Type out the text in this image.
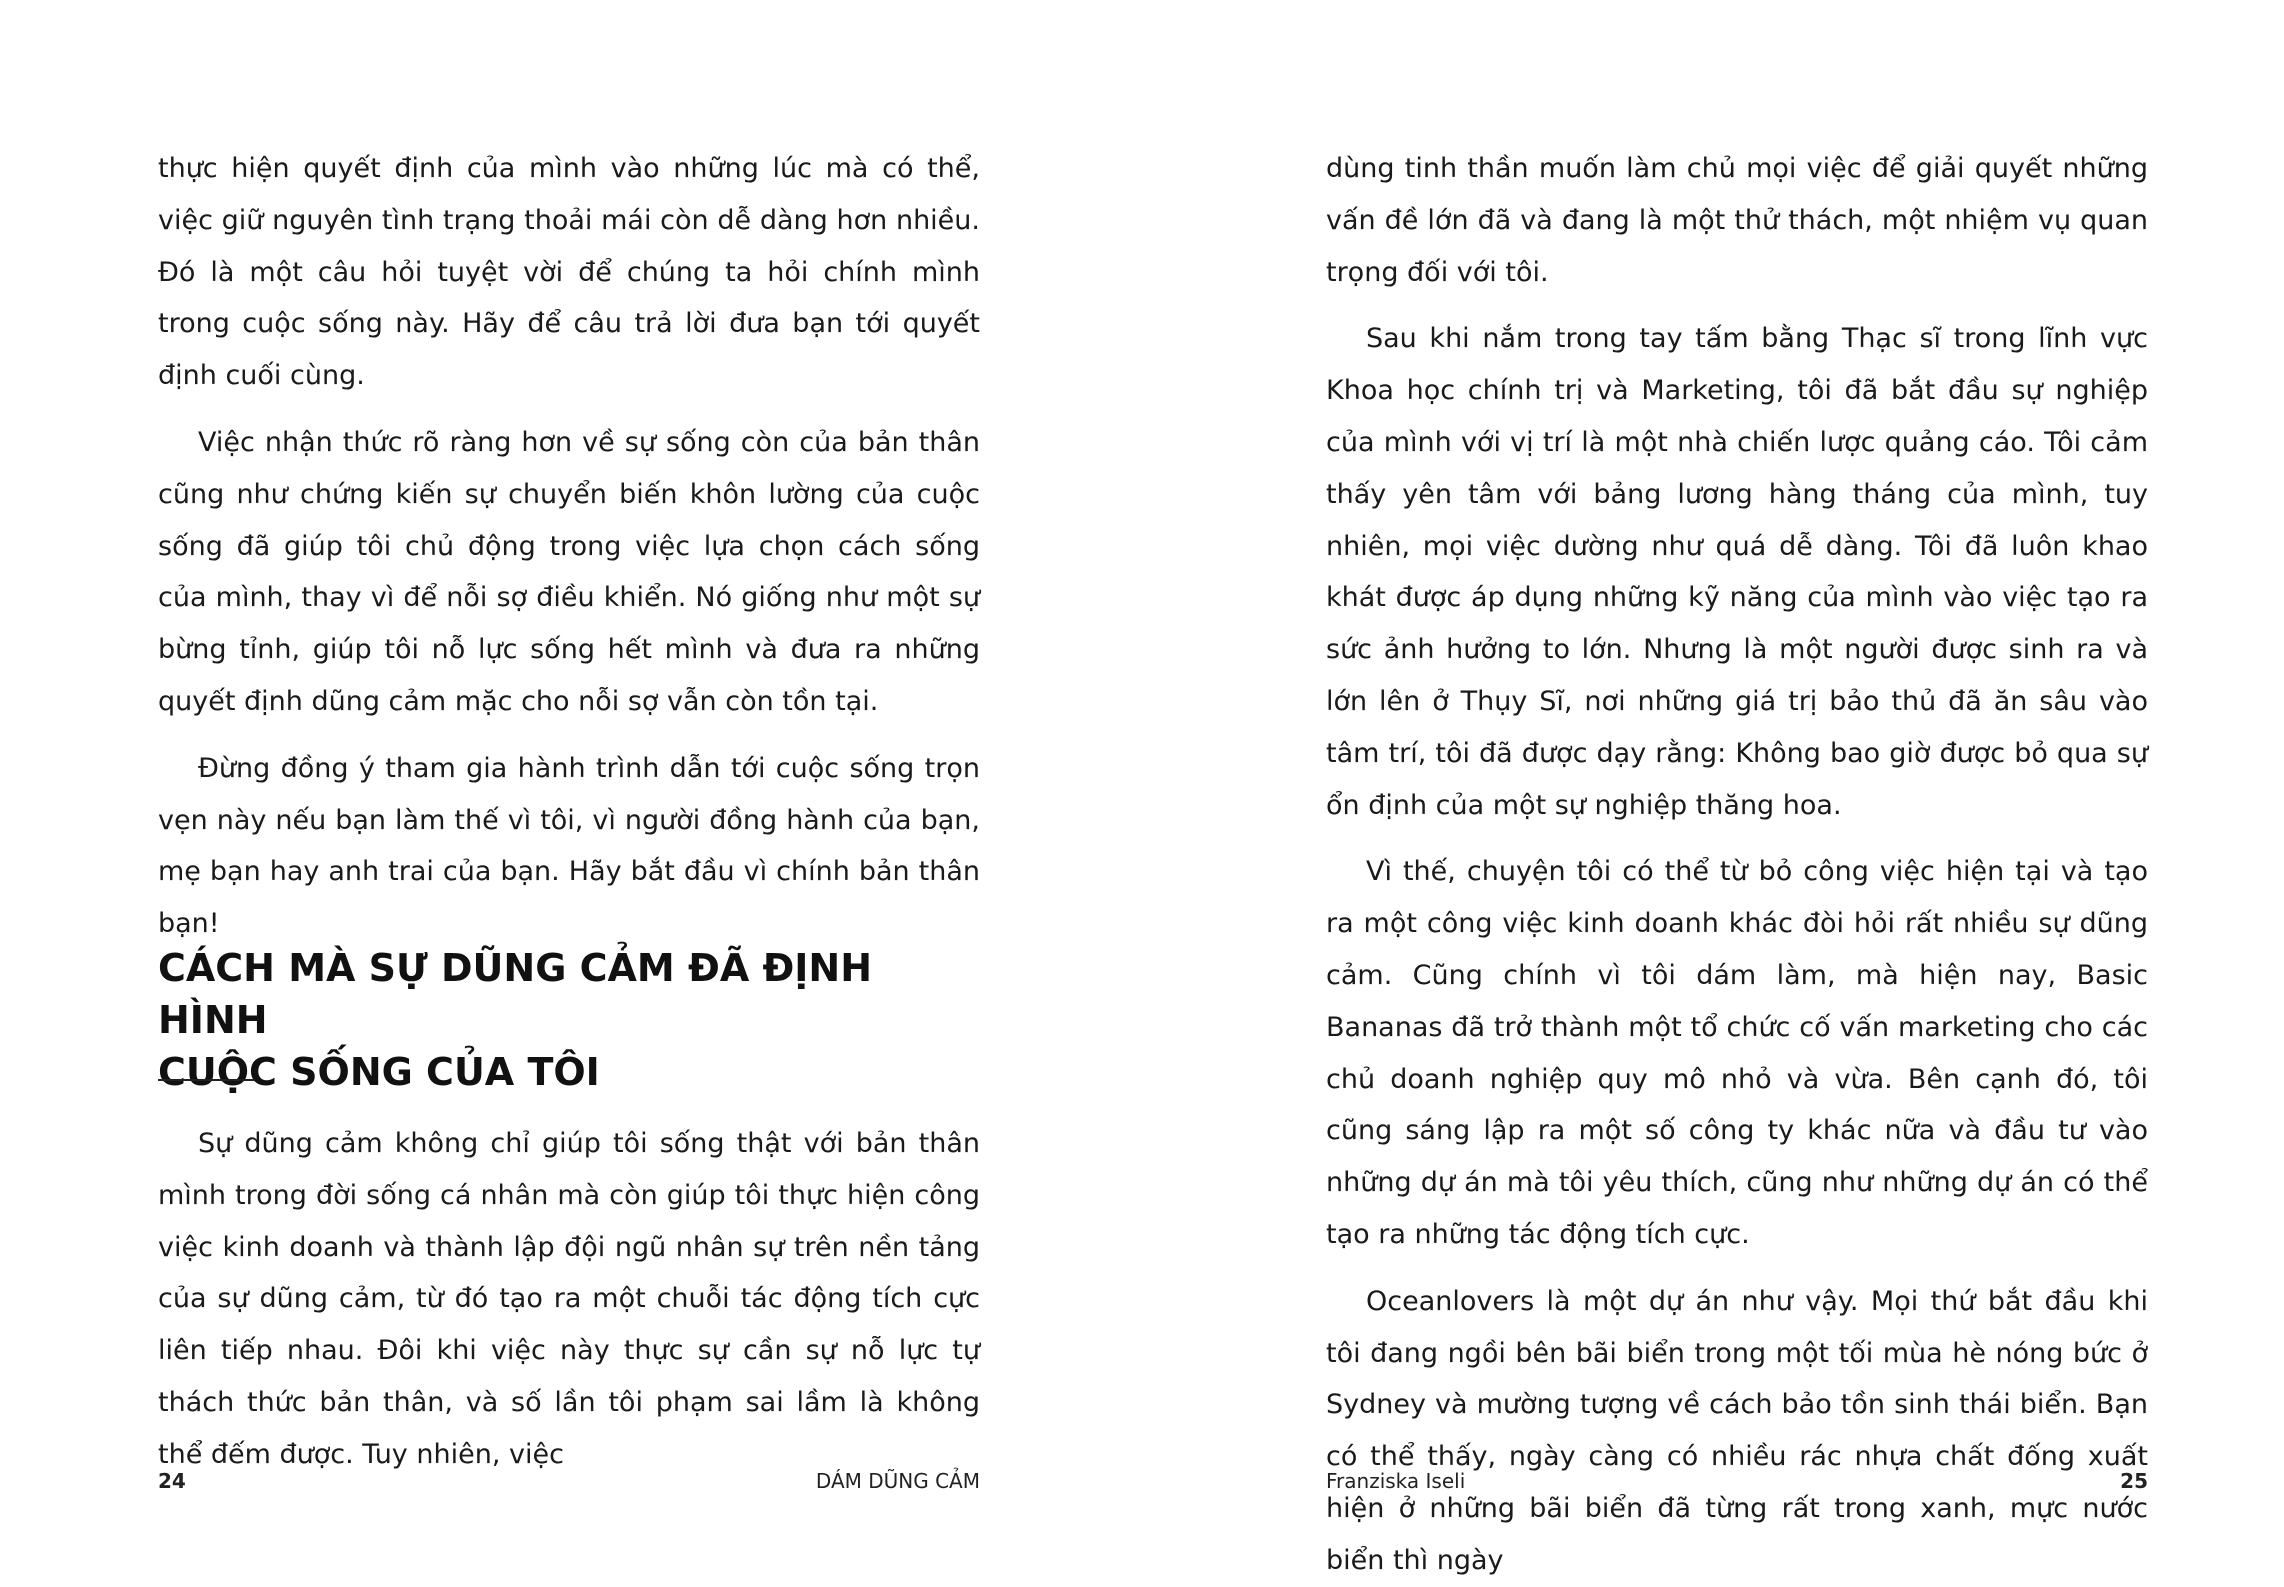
thực hiện quyết định của mình vào những lúc mà có thể, việc giữ nguyên tình trạng thoải mái còn dễ dàng hơn nhiều. Đó là một câu hỏi tuyệt vời để chúng ta hỏi chính mình trong cuộc sống này. Hãy để câu trả lời đưa bạn tới quyết định cuối cùng.

Việc nhận thức rõ ràng hơn về sự sống còn của bản thân cũng như chứng kiến sự chuyển biến khôn lường của cuộc sống đã giúp tôi chủ động trong việc lựa chọn cách sống của mình, thay vì để nỗi sợ điều khiển. Nó giống như một sự bừng tỉnh, giúp tôi nỗ lực sống hết mình và đưa ra những quyết định dũng cảm mặc cho nỗi sợ vẫn còn tồn tại.

Đừng đồng ý tham gia hành trình dẫn tới cuộc sống trọn vẹn này nếu bạn làm thế vì tôi, vì người đồng hành của bạn, mẹ bạn hay anh trai của bạn. Hãy bắt đầu vì chính bản thân bạn!

CÁCH MÀ SỰ DŨNG CẢM ĐÃ ĐỊNH HÌNH
CUỘC SỐNG CỦA TÔI

Sự dũng cảm không chỉ giúp tôi sống thật với bản thân mình trong đời sống cá nhân mà còn giúp tôi thực hiện công việc kinh doanh và thành lập đội ngũ nhân sự trên nền tảng của sự dũng cảm, từ đó tạo ra một chuỗi tác động tích cực liên tiếp nhau. Đôi khi việc này thực sự cần sự nỗ lực tự thách thức bản thân, và số lần tôi phạm sai lầm là không thể đếm được. Tuy nhiên, việc

24	DÁM DŨNG CẢM

dùng tinh thần muốn làm chủ mọi việc để giải quyết những vấn đề lớn đã và đang là một thử thách, một nhiệm vụ quan trọng đối với tôi.

Sau khi nắm trong tay tấm bằng Thạc sĩ trong lĩnh vực Khoa học chính trị và Marketing, tôi đã bắt đầu sự nghiệp của mình với vị trí là một nhà chiến lược quảng cáo. Tôi cảm thấy yên tâm với bảng lương hàng tháng của mình, tuy nhiên, mọi việc dường như quá dễ dàng. Tôi đã luôn khao khát được áp dụng những kỹ năng của mình vào việc tạo ra sức ảnh hưởng to lớn. Nhưng là một người được sinh ra và lớn lên ở Thụy Sĩ, nơi những giá trị bảo thủ đã ăn sâu vào tâm trí, tôi đã được dạy rằng: Không bao giờ được bỏ qua sự ổn định của một sự nghiệp thăng hoa.

Vì thế, chuyện tôi có thể từ bỏ công việc hiện tại và tạo ra một công việc kinh doanh khác đòi hỏi rất nhiều sự dũng cảm. Cũng chính vì tôi dám làm, mà hiện nay, Basic Bananas đã trở thành một tổ chức cố vấn marketing cho các chủ doanh nghiệp quy mô nhỏ và vừa. Bên cạnh đó, tôi cũng sáng lập ra một số công ty khác nữa và đầu tư vào những dự án mà tôi yêu thích, cũng như những dự án có thể tạo ra những tác động tích cực.

Oceanlovers là một dự án như vậy. Mọi thứ bắt đầu khi tôi đang ngồi bên bãi biển trong một tối mùa hè nóng bức ở Sydney và mường tượng về cách bảo tồn sinh thái biển. Bạn có thể thấy, ngày càng có nhiều rác nhựa chất đống xuất hiện ở những bãi biển đã từng rất trong xanh, mực nước biển thì ngày

Franziska Iseli	25
